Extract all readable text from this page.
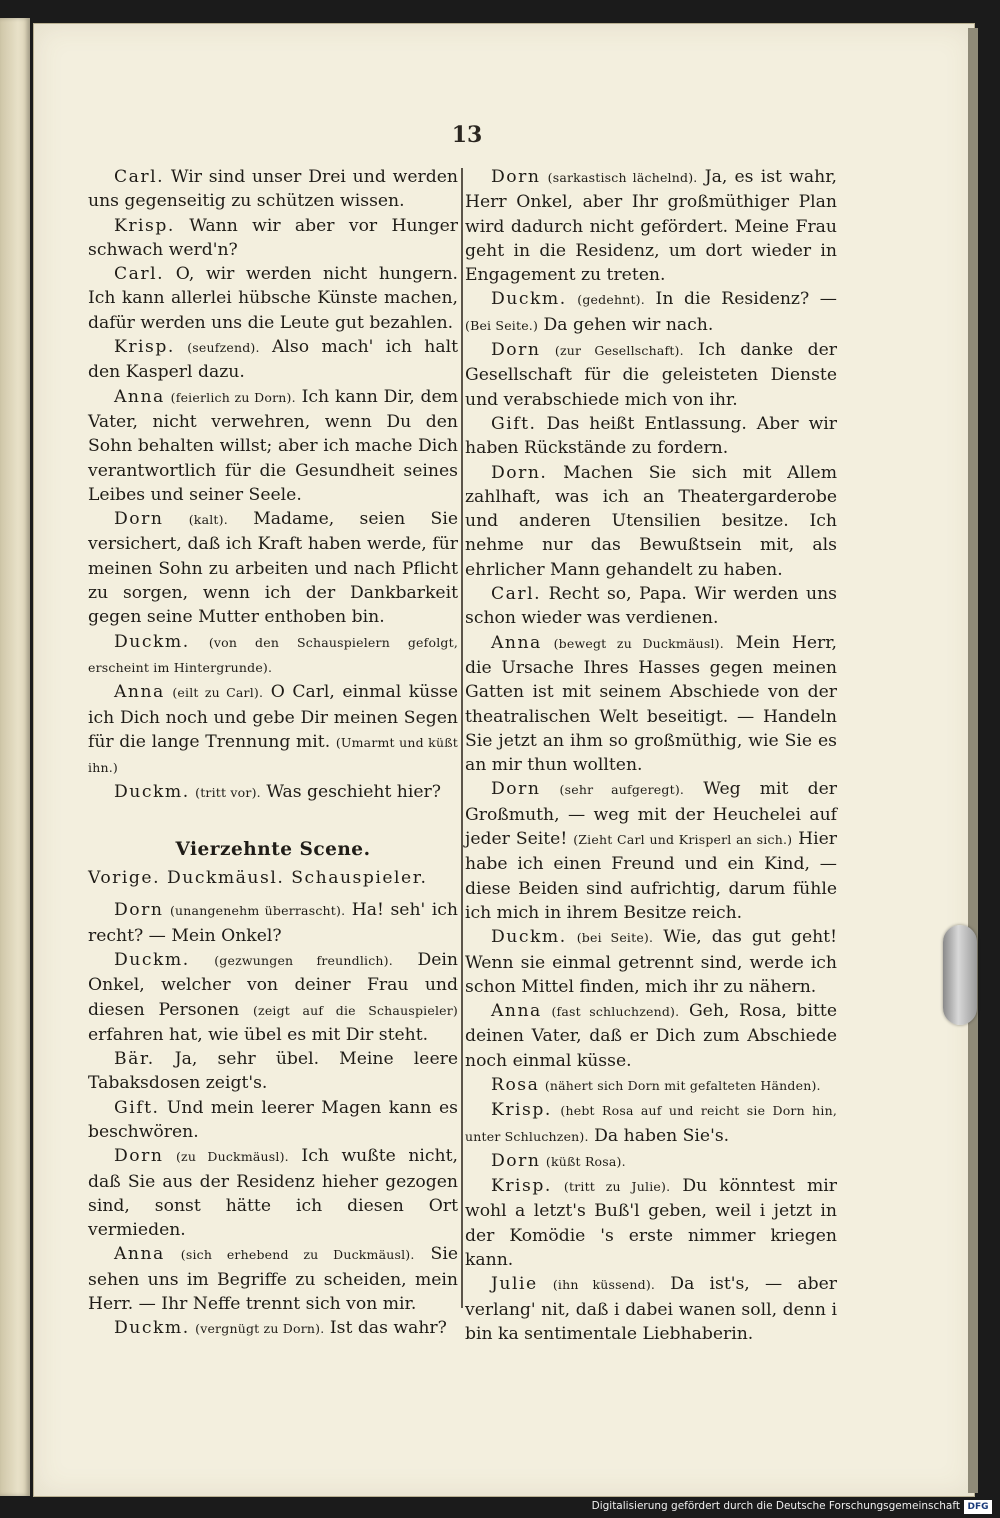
13

Carl. Wir sind unser Drei und werden uns gegenseitig zu schützen wissen.

Krisp. Wann wir aber vor Hunger schwach werd'n?

Carl. O, wir werden nicht hungern. Ich kann allerlei hübsche Künste machen, dafür werden uns die Leute gut bezahlen.

Krisp. (seufzend). Also mach' ich halt den Kasperl dazu.

Anna (feierlich zu Dorn). Ich kann Dir, dem Vater, nicht verwehren, wenn Du den Sohn behalten willst; aber ich mache Dich verantwortlich für die Gesundheit seines Leibes und seiner Seele.

Dorn (kalt). Madame, seien Sie versichert, daß ich Kraft haben werde, für meinen Sohn zu arbeiten und nach Pflicht zu sorgen, wenn ich der Dankbarkeit gegen seine Mutter enthoben bin.

Duckm. (von den Schauspielern gefolgt, erscheint im Hintergrunde).

Anna (eilt zu Carl). O Carl, einmal küsse ich Dich noch und gebe Dir meinen Segen für die lange Trennung mit. (Umarmt und küßt ihn.)

Duckm. (tritt vor). Was geschieht hier?

Vierzehnte Scene.

Vorige. Duckmäusl. Schauspieler.

Dorn (unangenehm überrascht). Ha! seh' ich recht? — Mein Onkel?

Duckm. (gezwungen freundlich). Dein Onkel, welcher von deiner Frau und diesen Personen (zeigt auf die Schauspieler) erfahren hat, wie übel es mit Dir steht.

Bär. Ja, sehr übel. Meine leere Tabaksdosen zeigt's.

Gift. Und mein leerer Magen kann es beschwören.

Dorn (zu Duckmäusl). Ich wußte nicht, daß Sie aus der Residenz hieher gezogen sind, sonst hätte ich diesen Ort vermieden.

Anna (sich erhebend zu Duckmäusl). Sie sehen uns im Begriffe zu scheiden, mein Herr. — Ihr Neffe trennt sich von mir.

Duckm. (vergnügt zu Dorn). Ist das wahr?

Dorn (sarkastisch lächelnd). Ja, es ist wahr, Herr Onkel, aber Ihr großmüthiger Plan wird dadurch nicht gefördert. Meine Frau geht in die Residenz, um dort wieder in Engagement zu treten.

Duckm. (gedehnt). In die Residenz? — (Bei Seite.) Da gehen wir nach.

Dorn (zur Gesellschaft). Ich danke der Gesellschaft für die geleisteten Dienste und verabschiede mich von ihr.

Gift. Das heißt Entlassung. Aber wir haben Rückstände zu fordern.

Dorn. Machen Sie sich mit Allem zahlhaft, was ich an Theatergarderobe und anderen Utensilien besitze. Ich nehme nur das Bewußtsein mit, als ehrlicher Mann gehandelt zu haben.

Carl. Recht so, Papa. Wir werden uns schon wieder was verdienen.

Anna (bewegt zu Duckmäusl). Mein Herr, die Ursache Ihres Hasses gegen meinen Gatten ist mit seinem Abschiede von der theatralischen Welt beseitigt. — Handeln Sie jetzt an ihm so großmüthig, wie Sie es an mir thun wollten.

Dorn (sehr aufgeregt). Weg mit der Großmuth, — weg mit der Heuchelei auf jeder Seite! (Zieht Carl und Krisperl an sich.) Hier habe ich einen Freund und ein Kind, — diese Beiden sind aufrichtig, darum fühle ich mich in ihrem Besitze reich.

Duckm. (bei Seite). Wie, das gut geht! Wenn sie einmal getrennt sind, werde ich schon Mittel finden, mich ihr zu nähern.

Anna (fast schluchzend). Geh, Rosa, bitte deinen Vater, daß er Dich zum Abschiede noch einmal küsse.

Rosa (nähert sich Dorn mit gefalteten Händen).

Krisp. (hebt Rosa auf und reicht sie Dorn hin, unter Schluchzen). Da haben Sie's.

Dorn (küßt Rosa).

Krisp. (tritt zu Julie). Du könntest mir wohl a letzt's Buß'l geben, weil i jetzt in der Komödie 's erste nimmer kriegen kann.

Julie (ihn küssend). Da ist's, — aber verlang' nit, daß i dabei wanen soll, denn i bin ka sentimentale Liebhaberin.

Digitalisierung gefördert durch die Deutsche Forschungsgemeinschaft DFG
